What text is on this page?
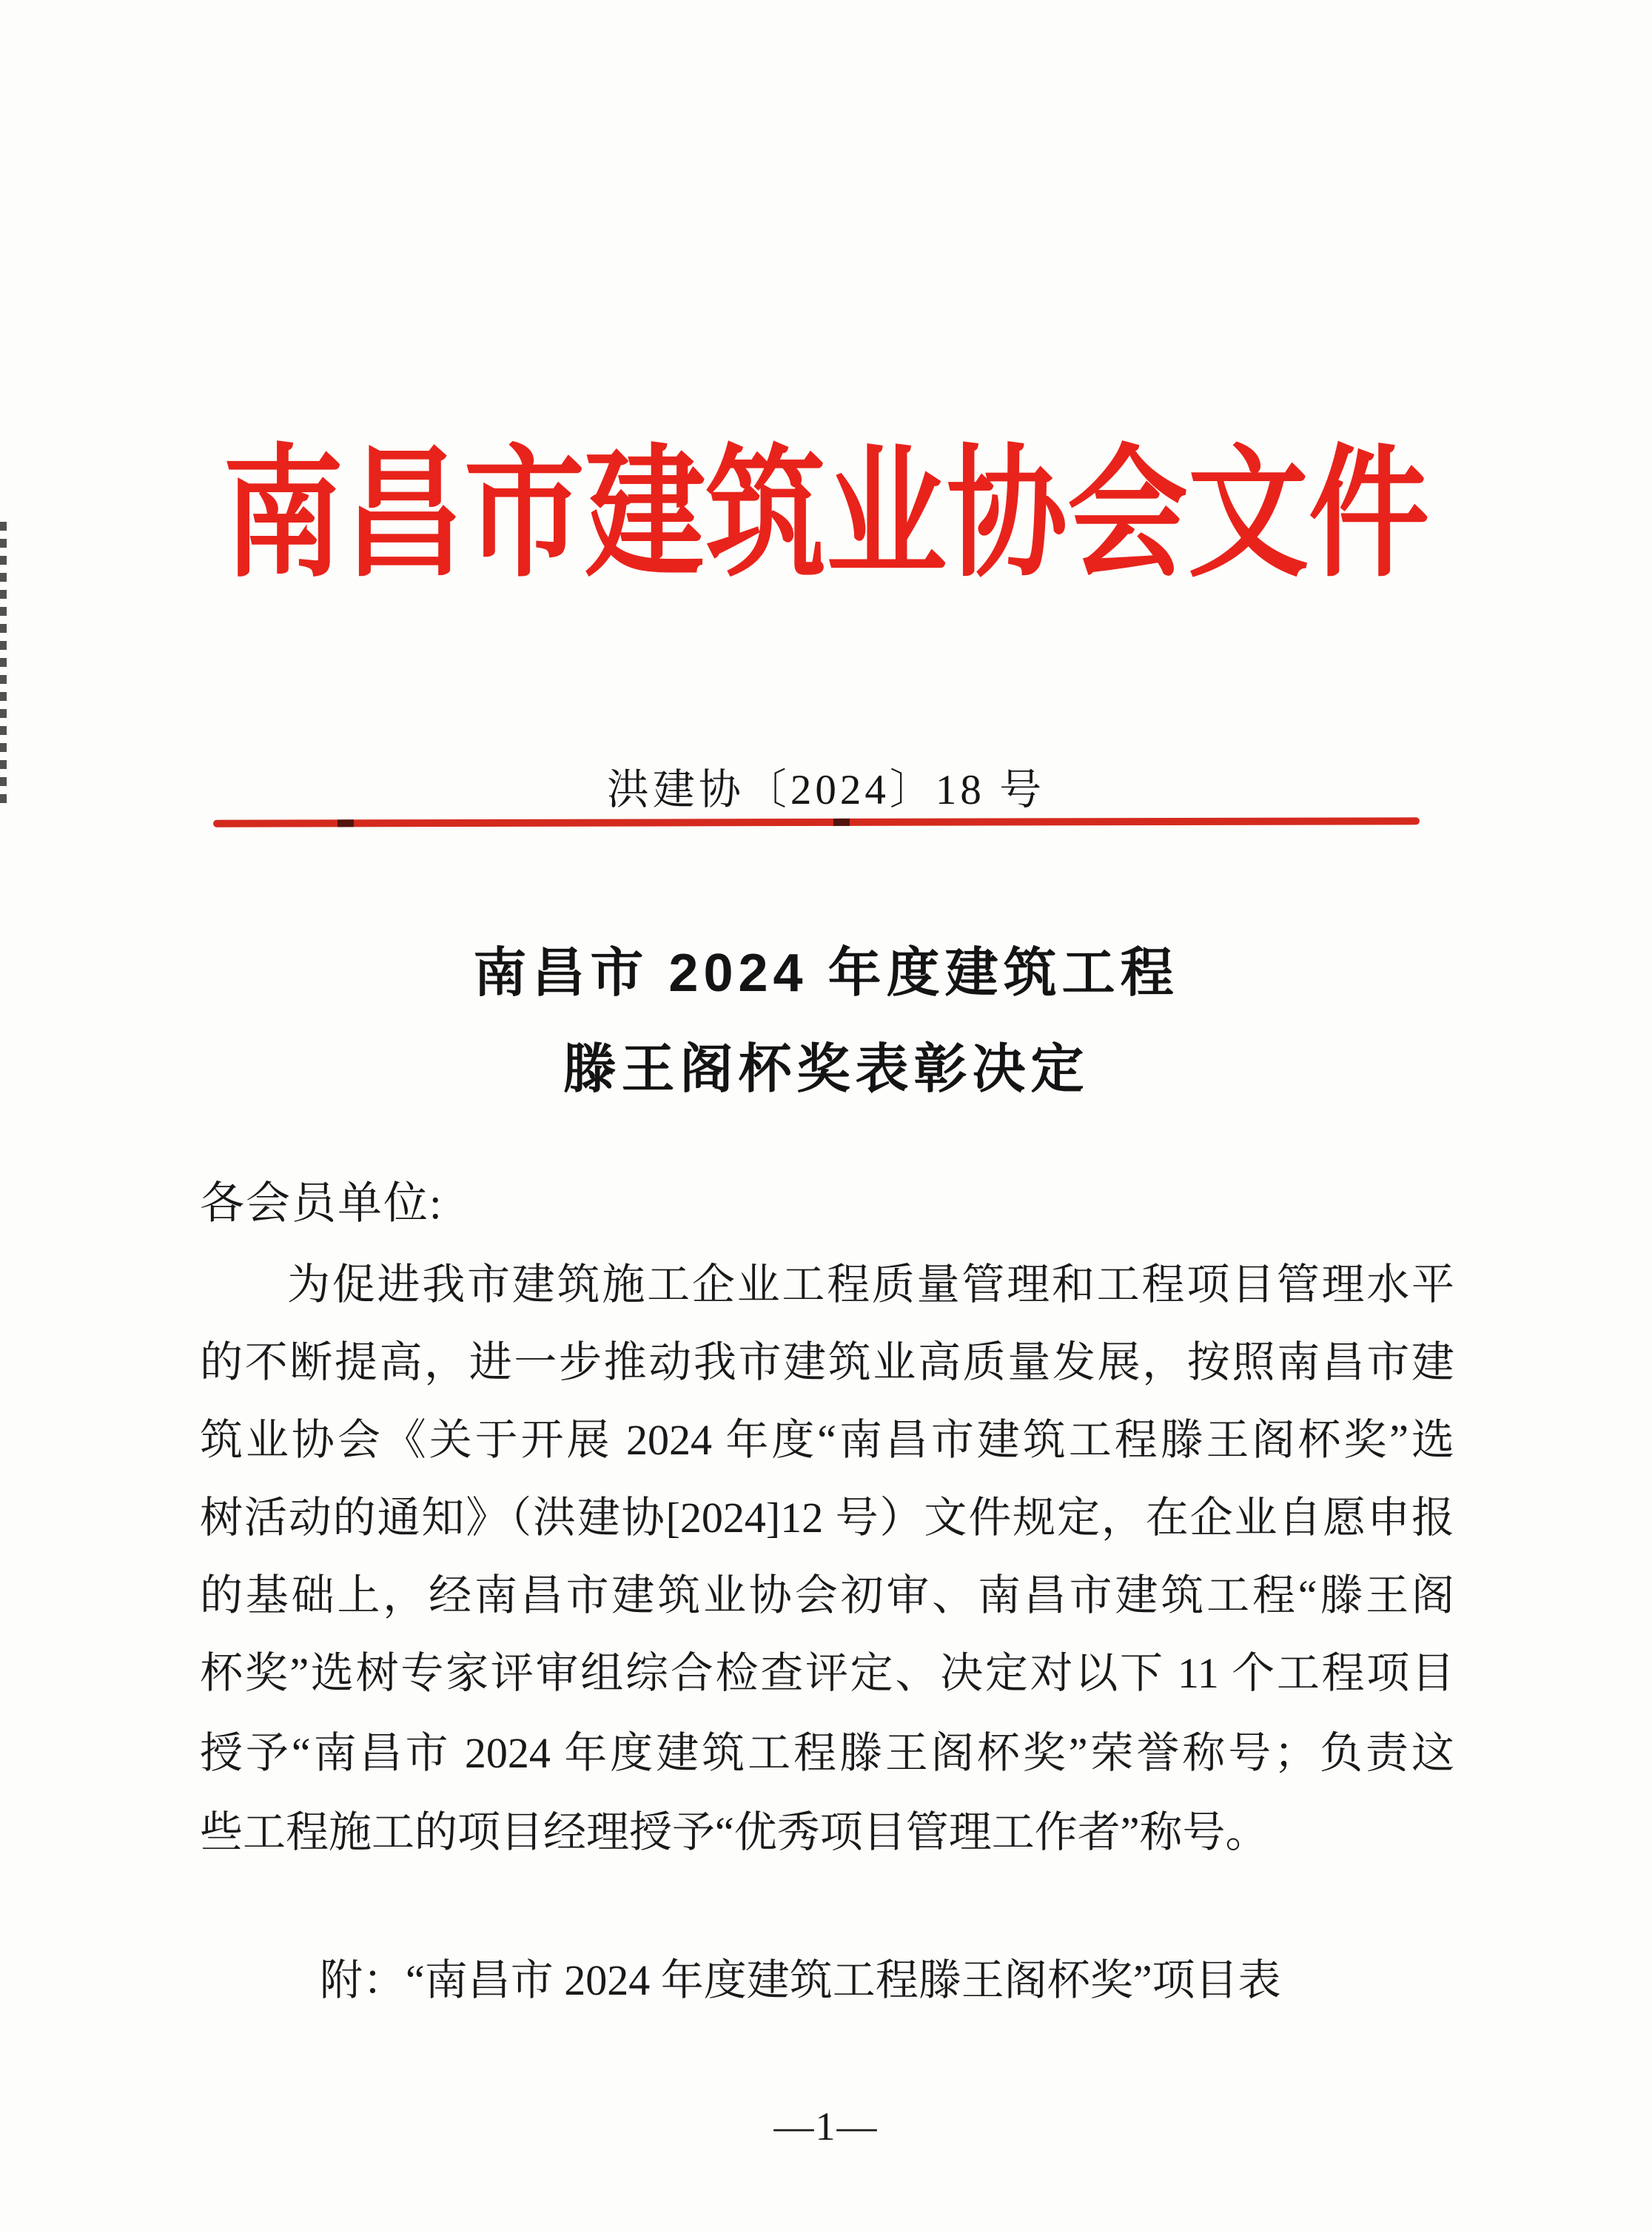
南昌市建筑业协会文件
洪建协〔2024〕18 号
南昌市 2024 年度建筑工程
滕王阁杯奖表彰决定
各会员单位:
为促进我市建筑施工企业工程质量管理和工程项目管理水平
的不断提高，进一步推动我市建筑业高质量发展，按照南昌市建
筑业协会《关于开展 2024 年度“南昌市建筑工程滕王阁杯奖”选
树活动的通知》（洪建协[2024]12 号）文件规定，在企业自愿申报
的基础上，经南昌市建筑业协会初审、南昌市建筑工程“滕王阁
杯奖”选树专家评审组综合检查评定、决定对以下 11 个工程项目
授予“南昌市 2024 年度建筑工程滕王阁杯奖”荣誉称号；负责这
些工程施工的项目经理授予“优秀项目管理工作者”称号。
附：“南昌市 2024 年度建筑工程滕王阁杯奖”项目表
—1—
